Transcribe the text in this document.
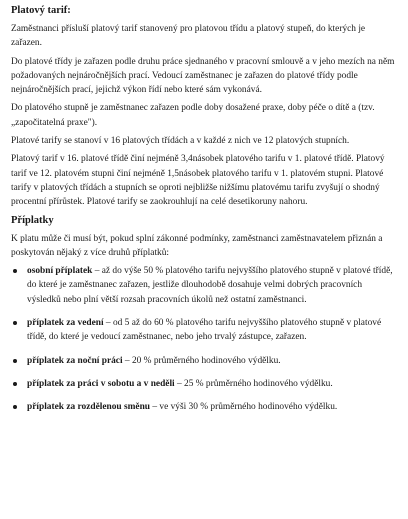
Platový tarif:

Zaměstnanci přísluší platový tarif stanovený pro platovou třídu a platový stupeň, do kterých je zařazen.

Do platové třídy je zařazen podle druhu práce sjednaného v pracovní smlouvě a v jeho mezích na něm požadovaných nejnáročnějších prací. Vedoucí zaměstnanec je zařazen do platové třídy podle nejnáročnějších prací, jejichž výkon řídí nebo které sám vykonává.

Do platového stupně je zaměstnanec zařazen podle doby dosažené praxe, doby péče o dítě a (tzv. „započitatelná praxe").

Platové tarify se stanoví v 16 platových třídách a v každé z nich ve 12 platových stupních.

Platový tarif v 16. platové třídě činí nejméně 3,4násobek platového tarifu v 1. platové třídě. Platový tarif ve 12. platovém stupni činí nejméně 1,5násobek platového tarifu v 1. platovém stupni. Platové tarify v platových třídách a stupních se oproti nejbližše nižšímu platovému tarifu zvyšují o shodný procentní přírůstek. Platové tarify se zaokrouhlují na celé desetikoruny nahoru.

Příplatky

K platu může či musí být, pokud splní zákonné podmínky, zaměstnanci zaměstnavatelem přiznán a poskytován nějaký z více druhů příplatků:

osobní příplatek – až do výše 50 % platového tarifu nejvyššího platového stupně v platové třídě, do které je zaměstnanec zařazen, jestliže dlouhodobě dosahuje velmi dobrých pracovních výsledků nebo plní větší rozsah pracovních úkolů než ostatní zaměstnanci.
příplatek za vedení – od 5 až do 60 % platového tarifu nejvyššího platového stupně v platové třídě, do které je vedoucí zaměstnanec, nebo jeho trvalý zástupce, zařazen.
příplatek za noční práci – 20 % průměrného hodinového výdělku.
příplatek za práci v sobotu a v neděli – 25 % průměrného hodinového výdělku.
příplatek za rozdělenou směnu – ve výši 30 % průměrného hodinového výdělku.
